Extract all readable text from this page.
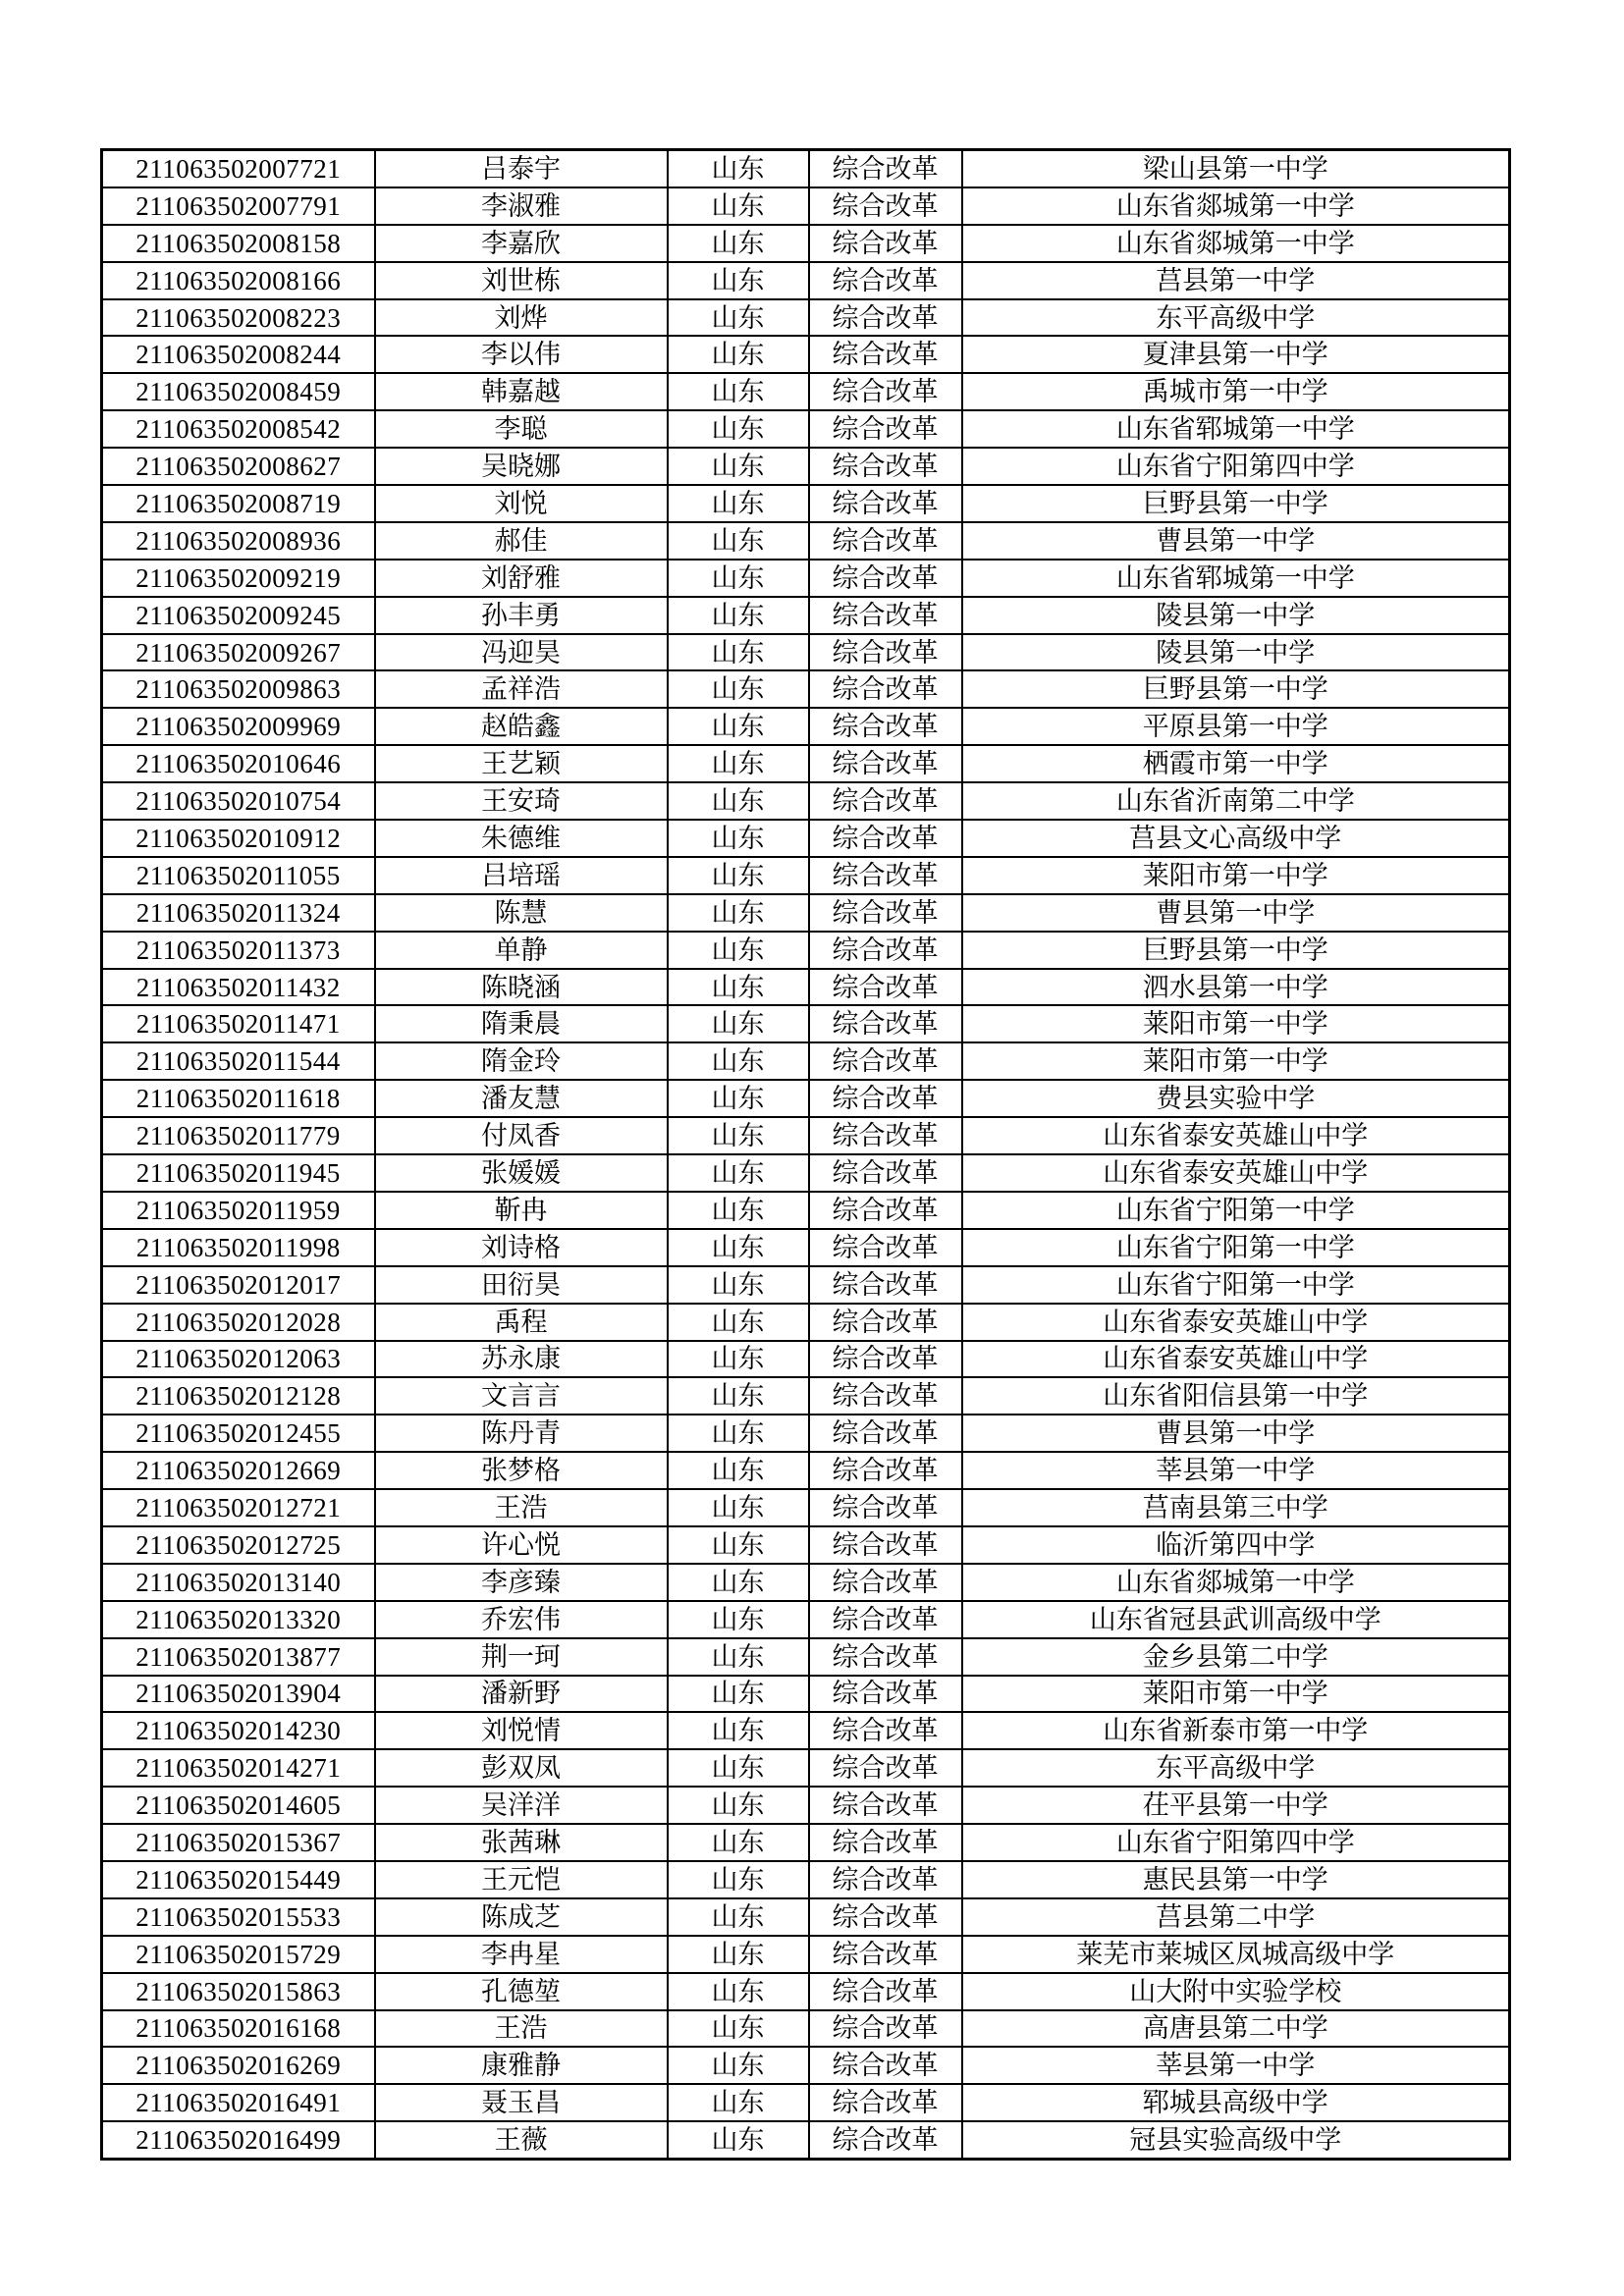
211063502007721	吕泰宇	山东	综合改革	梁山县第一中学
211063502007791	李淑雅	山东	综合改革	山东省郯城第一中学
211063502008158	李嘉欣	山东	综合改革	山东省郯城第一中学
211063502008166	刘世栋	山东	综合改革	莒县第一中学
211063502008223	刘烨	山东	综合改革	东平高级中学
211063502008244	李以伟	山东	综合改革	夏津县第一中学
211063502008459	韩嘉越	山东	综合改革	禹城市第一中学
211063502008542	李聪	山东	综合改革	山东省郓城第一中学
211063502008627	吴晓娜	山东	综合改革	山东省宁阳第四中学
211063502008719	刘悦	山东	综合改革	巨野县第一中学
211063502008936	郝佳	山东	综合改革	曹县第一中学
211063502009219	刘舒雅	山东	综合改革	山东省郓城第一中学
211063502009245	孙丰勇	山东	综合改革	陵县第一中学
211063502009267	冯迎昊	山东	综合改革	陵县第一中学
211063502009863	孟祥浩	山东	综合改革	巨野县第一中学
211063502009969	赵皓鑫	山东	综合改革	平原县第一中学
211063502010646	王艺颖	山东	综合改革	栖霞市第一中学
211063502010754	王安琦	山东	综合改革	山东省沂南第二中学
211063502010912	朱德维	山东	综合改革	莒县文心高级中学
211063502011055	吕培瑶	山东	综合改革	莱阳市第一中学
211063502011324	陈慧	山东	综合改革	曹县第一中学
211063502011373	单静	山东	综合改革	巨野县第一中学
211063502011432	陈晓涵	山东	综合改革	泗水县第一中学
211063502011471	隋秉晨	山东	综合改革	莱阳市第一中学
211063502011544	隋金玲	山东	综合改革	莱阳市第一中学
211063502011618	潘友慧	山东	综合改革	费县实验中学
211063502011779	付凤香	山东	综合改革	山东省泰安英雄山中学
211063502011945	张媛媛	山东	综合改革	山东省泰安英雄山中学
211063502011959	靳冉	山东	综合改革	山东省宁阳第一中学
211063502011998	刘诗格	山东	综合改革	山东省宁阳第一中学
211063502012017	田衍昊	山东	综合改革	山东省宁阳第一中学
211063502012028	禹程	山东	综合改革	山东省泰安英雄山中学
211063502012063	苏永康	山东	综合改革	山东省泰安英雄山中学
211063502012128	文言言	山东	综合改革	山东省阳信县第一中学
211063502012455	陈丹青	山东	综合改革	曹县第一中学
211063502012669	张梦格	山东	综合改革	莘县第一中学
211063502012721	王浩	山东	综合改革	莒南县第三中学
211063502012725	许心悦	山东	综合改革	临沂第四中学
211063502013140	李彦臻	山东	综合改革	山东省郯城第一中学
211063502013320	乔宏伟	山东	综合改革	山东省冠县武训高级中学
211063502013877	荆一珂	山东	综合改革	金乡县第二中学
211063502013904	潘新野	山东	综合改革	莱阳市第一中学
211063502014230	刘悦情	山东	综合改革	山东省新泰市第一中学
211063502014271	彭双凤	山东	综合改革	东平高级中学
211063502014605	吴洋洋	山东	综合改革	茌平县第一中学
211063502015367	张茜琳	山东	综合改革	山东省宁阳第四中学
211063502015449	王元恺	山东	综合改革	惠民县第一中学
211063502015533	陈成芝	山东	综合改革	莒县第二中学
211063502015729	李冉星	山东	综合改革	莱芜市莱城区凤城高级中学
211063502015863	孔德堃	山东	综合改革	山大附中实验学校
211063502016168	王浩	山东	综合改革	高唐县第二中学
211063502016269	康雅静	山东	综合改革	莘县第一中学
211063502016491	聂玉昌	山东	综合改革	郓城县高级中学
211063502016499	王薇	山东	综合改革	冠县实验高级中学
